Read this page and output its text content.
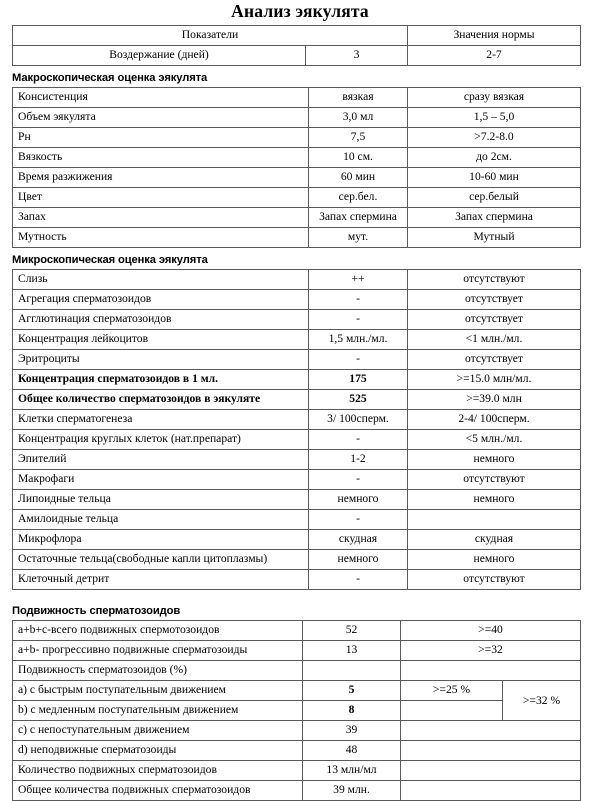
Анализ эякулята
Показатели		Значения нормы
Воздержание (дней)	3	2-7
Макроскопическая оценка эякулята
Консистенция	вязкая	сразу вязкая
Объем эякулята	3,0 мл	1,5 – 5,0
Рн	7,5	>7.2-8.0
Вязкость	10 см.	до 2см.
Время разжижения	60 мин	10-60 мин
Цвет	сер.бел.	сер.белый
Запах	Запах спермина	Запах спермина
Мутность	мут.	Мутный
Микроскопическая оценка эякулята
Слизь	++	отсутствуют
Агрегация сперматозоидов	-	отсутствует
Агглютинация сперматозоидов	-	отсутствует
Концентрация лейкоцитов	1,5 млн./мл.	<1 млн./мл.
Эритроциты	-	отсутствует
Концентрация сперматозоидов в 1 мл.	175	>=15.0 млн/мл.
Общее количество сперматозоидов в эякуляте	525	>=39.0 млн
Клетки сперматогенеза	3/ 100сперм.	2-4/ 100сперм.
Концентрация круглых клеток (нат.препарат)	-	<5 млн./мл.
Эпителий	1-2	немного
Макрофаги	-	отсутствуют
Липоидные тельца	немного	немного
Амилоидные тельца	-	
Микрофлора	скудная	скудная
Остаточные тельца(свободные капли цитоплазмы)	немного	немного
Клеточный детрит	-	отсутствуют
Подвижность сперматозоидов
a+b+c-всего подвижных спермотозоидов	52	>=40	
a+b- прогрессивно подвижные сперматозоиды	13	>=32	
Подвижность сперматозоидов (%)			
a) с быстрым поступательным движением	5	>=25 %	>=32 %
b) с медленным поступательным движением	8		
c) с непоступательным движением	39		
d) неподвижные сперматозоиды	48		
Количество подвижных сперматозоидов	13 млн/мл		
Общее количества подвижных сперматозоидов	39 млн.		
